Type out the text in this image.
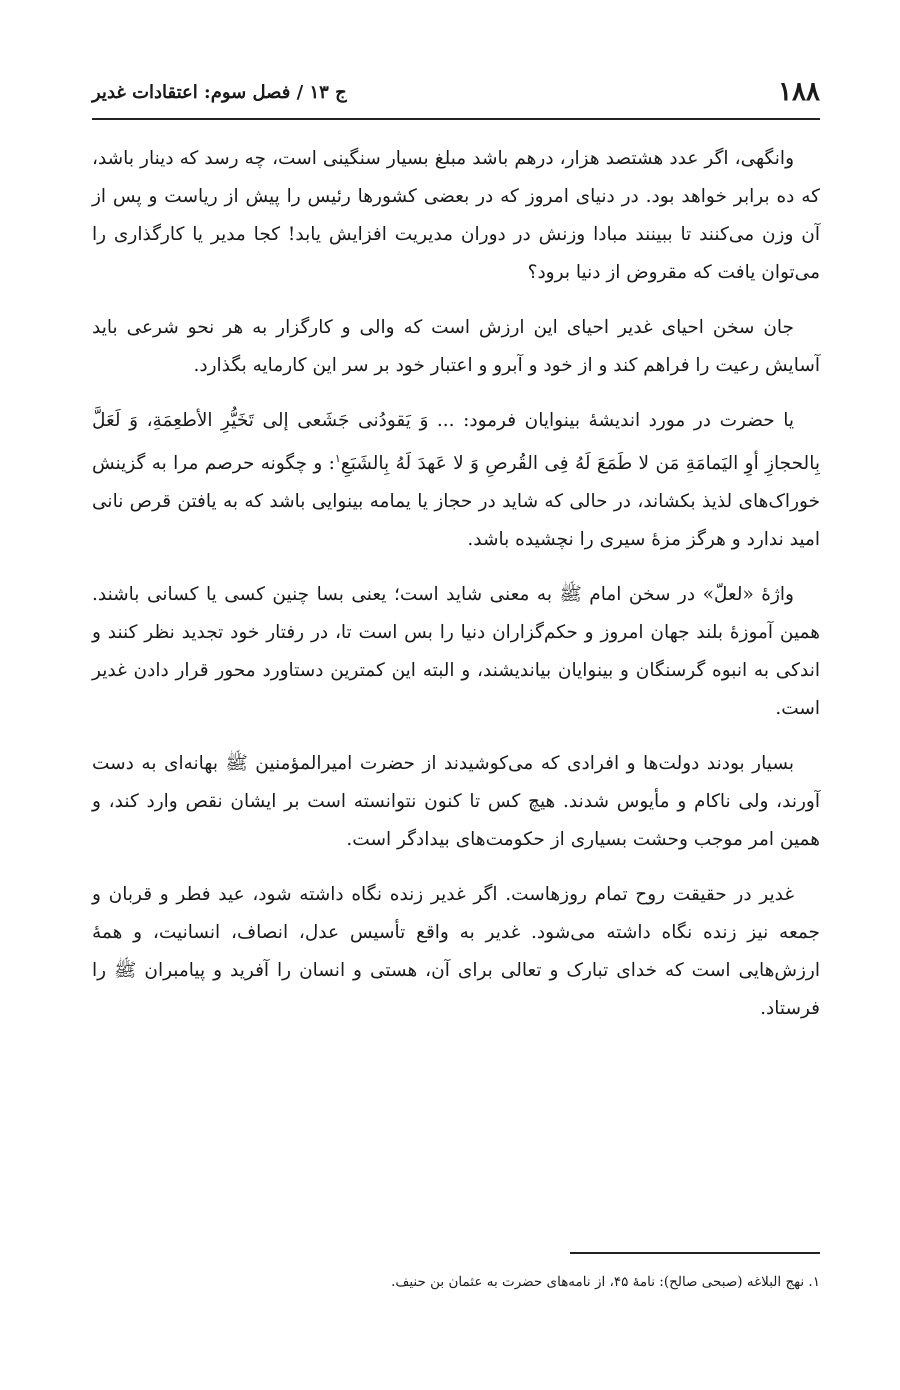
۱۸۸
ج ۱۳ / فصل سوم: اعتقادات غدیر

وانگهی، اگر عدد هشتصد هزار، درهم باشد مبلغ بسیار سنگینی است، چه رسد که دینار باشد، که ده برابر خواهد بود. در دنیای امروز که در بعضی کشورها رئیس را پیش از ریاست و پس از آن وزن می‌کنند تا ببینند مبادا وزنش در دوران مدیریت افزایش یابد! کجا مدیر یا کارگذاری را می‌توان یافت که مقروض از دنیا برود؟

جان سخن احیای غدیر احیای این ارزش است که والی و کارگزار به هر نحو شرعی باید آسایش رعیت را فراهم کند و از خود و آبرو و اعتبار خود بر سر این کارمایه بگذارد.

یا حضرت در مورد اندیشهٔ بینوایان فرمود: ... وَ یَقودُنی جَشَعی إلی تَخَیُّرِ الأطعِمَةِ، وَ لَعَلَّ بِالحجازِ أوِ الیَمامَةِ مَن لا طَمَعَ لَهُ فِی القُرصِ وَ لا عَهدَ لَهُ بِالشَبَعِ$^۱$: و چگونه حرصم مرا به گزینش خوراک‌های لذیذ بکشاند، در حالی که شاید در حجاز یا یمامه بینوایی باشد که به یافتن قرص نانی امید ندارد و هرگز مزهٔ سیری را نچشیده باشد.

واژهٔ «لعلّ» در سخن امام ﷺ به معنی شاید است؛ یعنی بسا چنین کسی یا کسانی باشند. همین آموزهٔ بلند جهان امروز و حکم‌گزاران دنیا را بس است تا، در رفتار خود تجدید نظر کنند و اندکی به انبوه گرسنگان و بینوایان بیاندیشند، و البته این کمترین دستاورد محور قرار دادن غدیر است.

بسیار بودند دولت‌ها و افرادی که می‌کوشیدند از حضرت امیرالمؤمنین ﷺ بهانه‌ای به دست آورند، ولی ناکام و مأیوس شدند. هیچ کس تا کنون نتوانسته است بر ایشان نقص وارد کند، و همین امر موجب وحشت بسیاری از حکومت‌های بیدادگر است.

غدیر در حقیقت روح تمام روزهاست. اگر غدیر زنده نگاه داشته شود، عید فطر و قربان و جمعه نیز زنده نگاه داشته می‌شود. غدیر به واقع تأسیس عدل، انصاف، انسانیت، و همهٔ ارزش‌هایی است که خدای تبارک و تعالی برای آن، هستی و انسان را آفرید و پیامبران ﷺ را فرستاد.

۱. نهج البلاغه (صبحی صالح): نامهٔ ۴۵، از نامه‌های حضرت به عثمان بن حنیف.
